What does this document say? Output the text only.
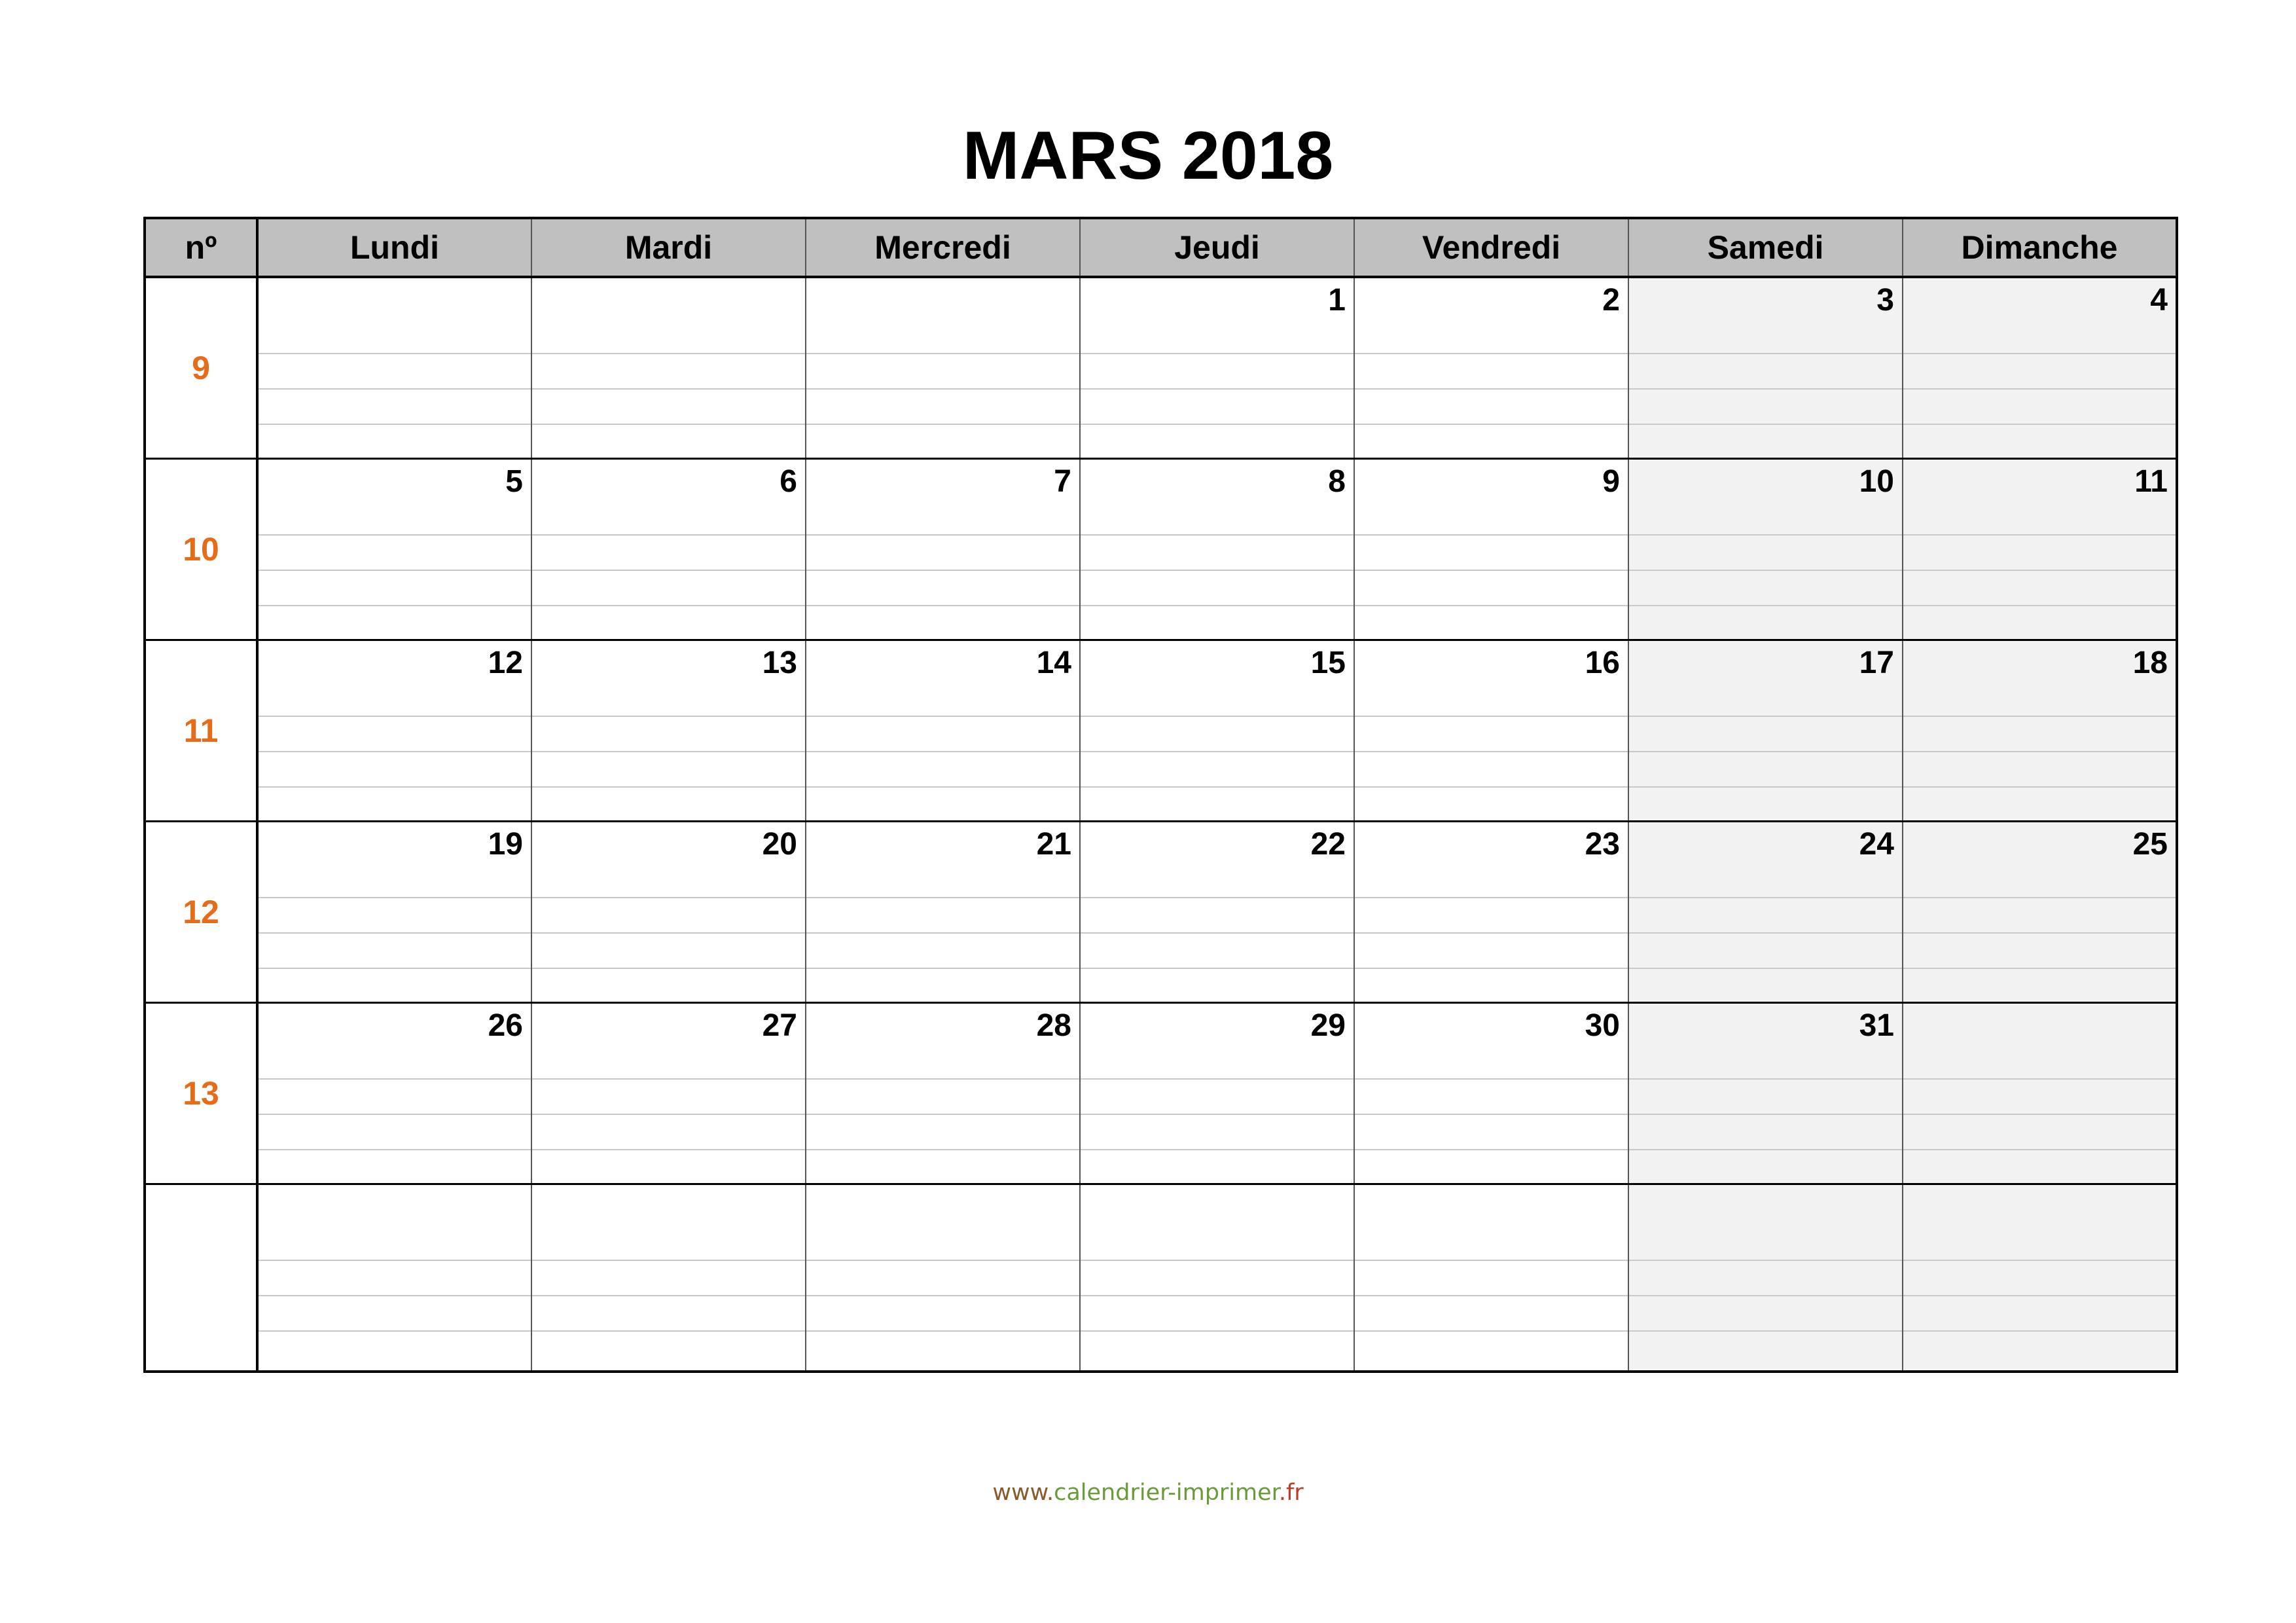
MARS 2018
nº	Lundi	Mardi	Mercredi	Jeudi	Vendredi	Samedi	Dimanche
9				1	2	3	4

10	5	6	7	8	9	10	11

11	12	13	14	15	16	17	18

12	19	20	21	22	23	24	25

13	26	27	28	29	30	31	

www.calendrier-imprimer.fr
